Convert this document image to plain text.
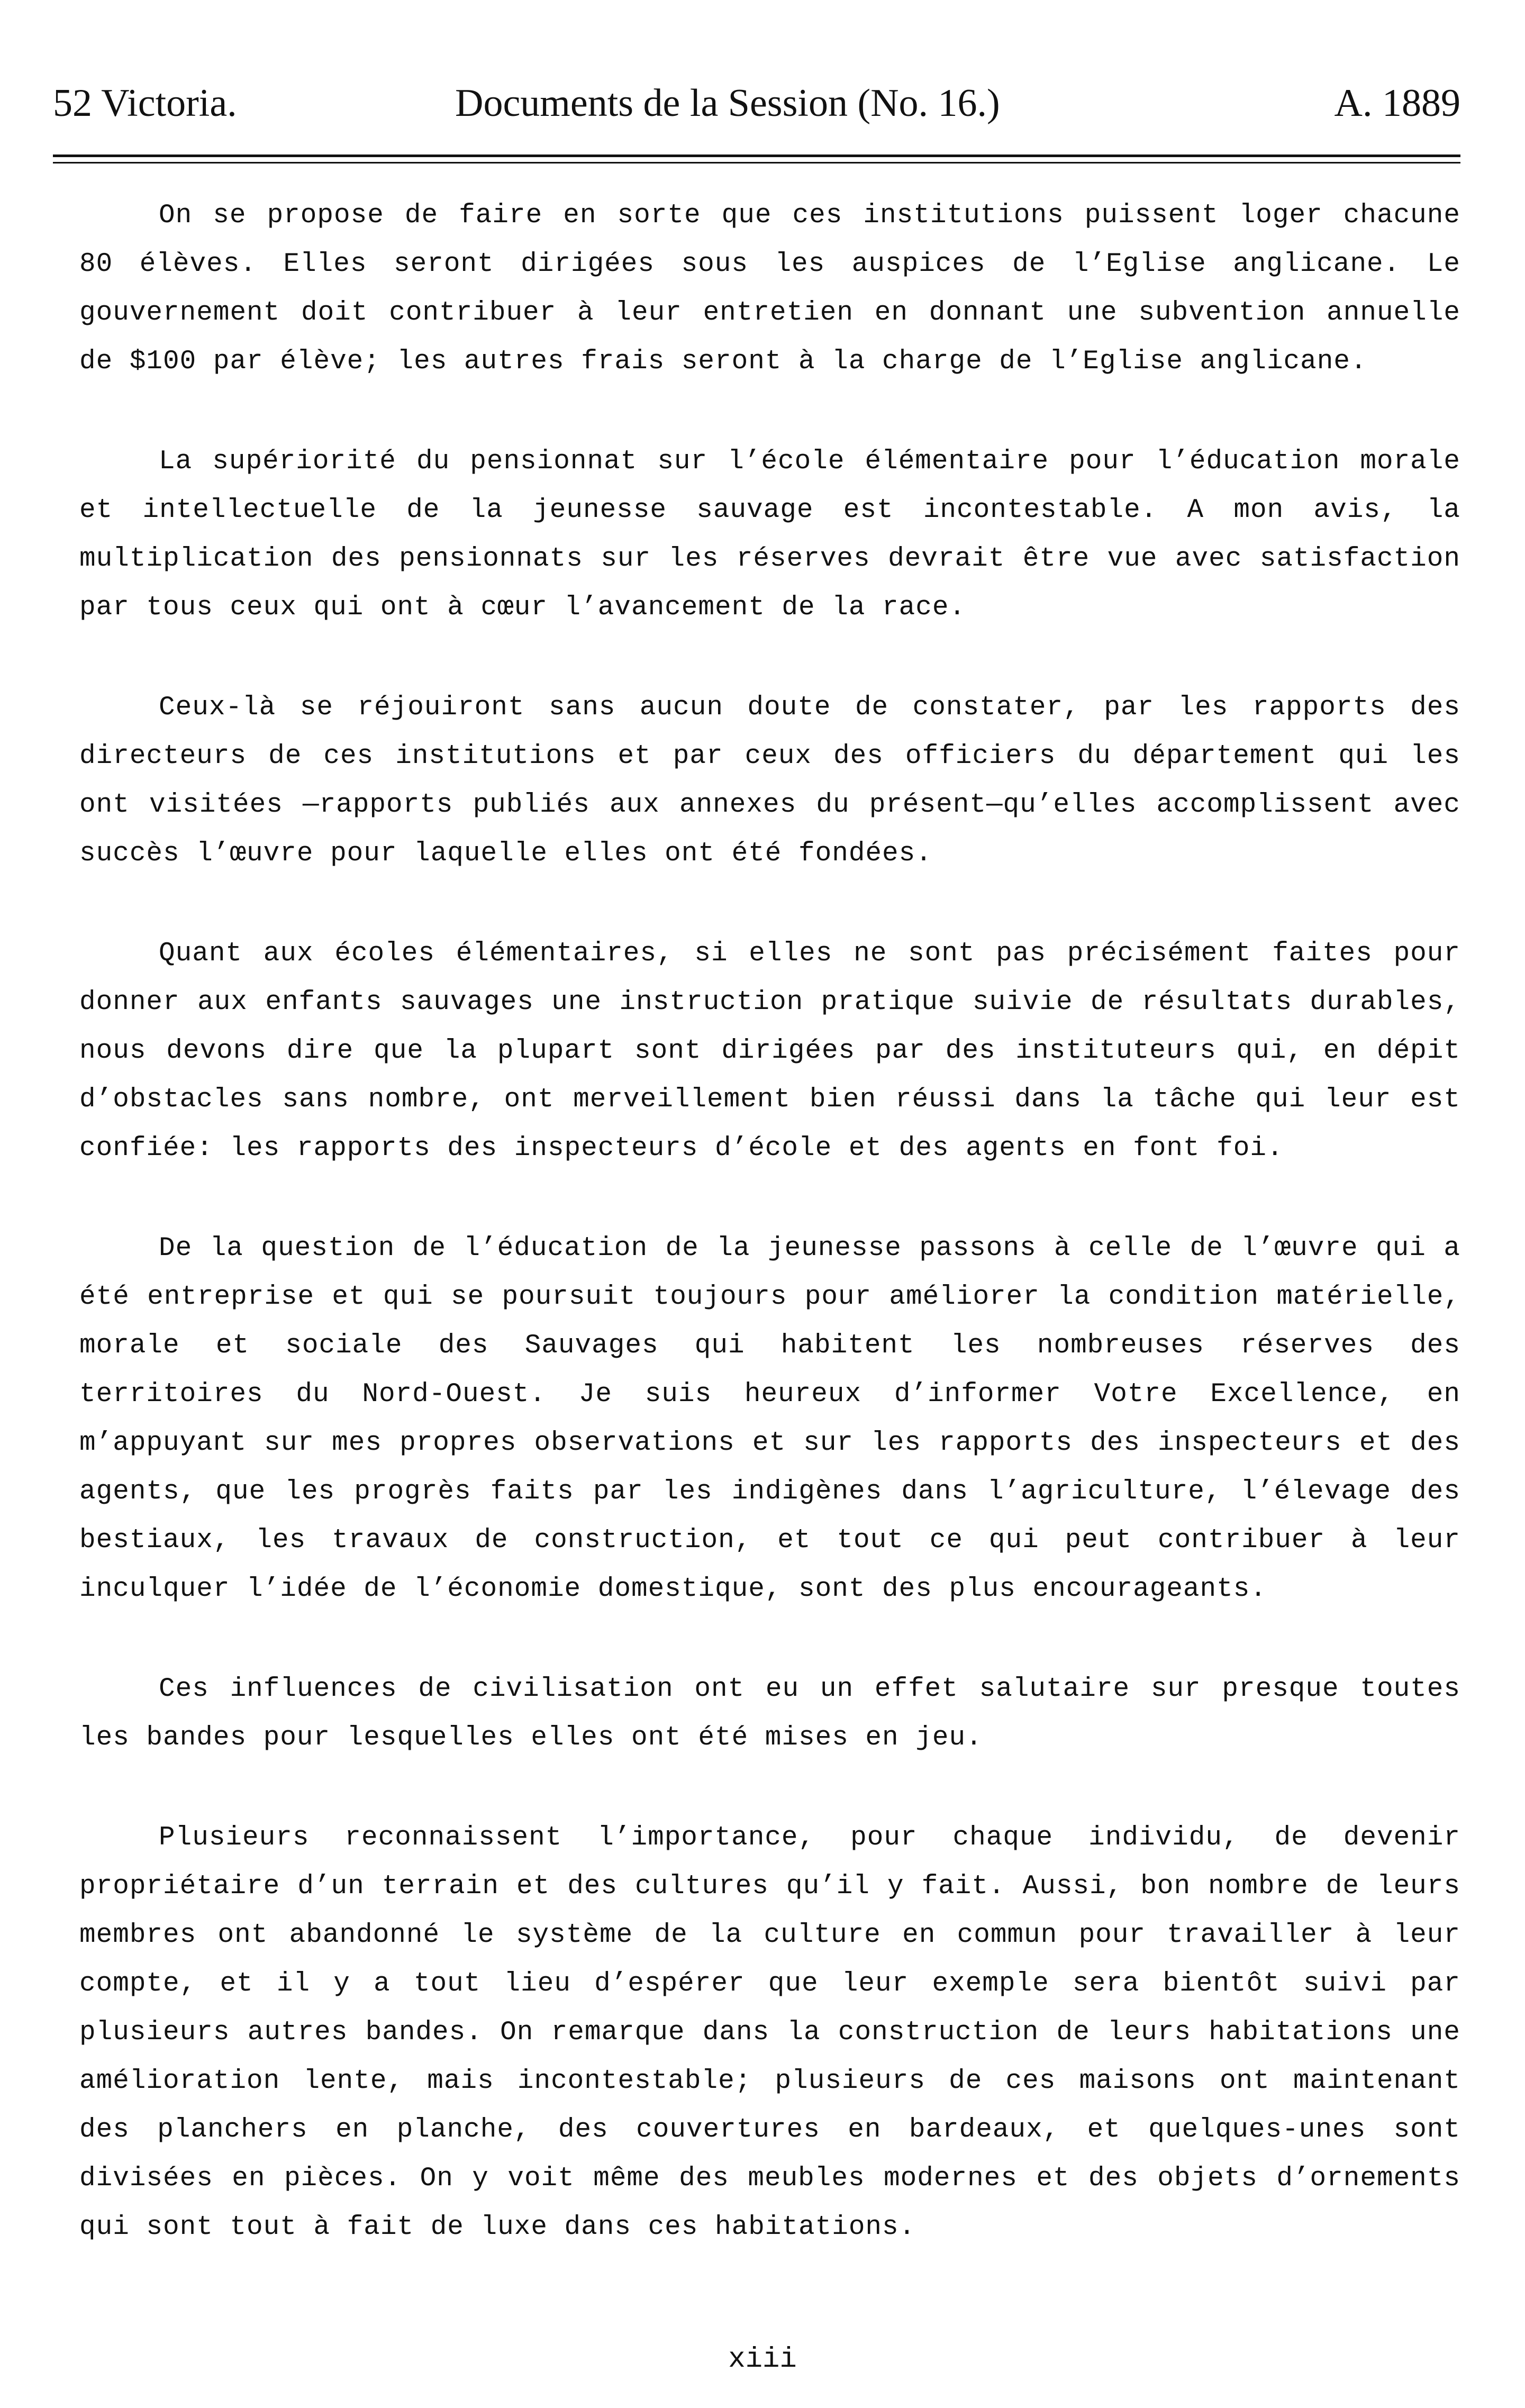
52 Victoria.	Documents de la Session (No. 16.)	A. 1889

On se propose de faire en sorte que ces institutions puissent loger chacune 80 élèves. Elles seront dirigées sous les auspices de l’Eglise anglicane. Le gouvernement doit contribuer à leur entretien en donnant une subvention annuelle de $100 par élève; les autres frais seront à la charge de l’Eglise anglicane.

La supériorité du pensionnat sur l’école élémentaire pour l’éducation morale et intellectuelle de la jeunesse sauvage est incontestable. A mon avis, la multiplication des pensionnats sur les réserves devrait être vue avec satisfaction par tous ceux qui ont à cœur l’avancement de la race.

Ceux-là se réjouiront sans aucun doute de constater, par les rapports des directeurs de ces institutions et par ceux des officiers du département qui les ont visitées —rapports publiés aux annexes du présent—qu’elles accomplissent avec succès l’œuvre pour laquelle elles ont été fondées.

Quant aux écoles élémentaires, si elles ne sont pas précisément faites pour donner aux enfants sauvages une instruction pratique suivie de résultats durables, nous devons dire que la plupart sont dirigées par des instituteurs qui, en dépit d’obstacles sans nombre, ont merveillement bien réussi dans la tâche qui leur est confiée: les rapports des inspecteurs d’école et des agents en font foi.

De la question de l’éducation de la jeunesse passons à celle de l’œuvre qui a été entreprise et qui se poursuit toujours pour améliorer la condition matérielle, morale et sociale des Sauvages qui habitent les nombreuses réserves des territoires du Nord-Ouest. Je suis heureux d’informer Votre Excellence, en m’appuyant sur mes propres observations et sur les rapports des inspecteurs et des agents, que les progrès faits par les indigènes dans l’agriculture, l’élevage des bestiaux, les travaux de construction, et tout ce qui peut contribuer à leur inculquer l’idée de l’économie domestique, sont des plus encourageants.

Ces influences de civilisation ont eu un effet salutaire sur presque toutes les bandes pour lesquelles elles ont été mises en jeu.

Plusieurs reconnaissent l’importance, pour chaque individu, de devenir propriétaire d’un terrain et des cultures qu’il y fait. Aussi, bon nombre de leurs membres ont abandonné le système de la culture en commun pour travailler à leur compte, et il y a tout lieu d’espérer que leur exemple sera bientôt suivi par plusieurs autres bandes. On remarque dans la construction de leurs habitations une amélioration lente, mais incontestable; plusieurs de ces maisons ont maintenant des planchers en planche, des couvertures en bardeaux, et quelques-unes sont divisées en pièces. On y voit même des meubles modernes et des objets d’ornements qui sont tout à fait de luxe dans ces habitations.

xiii
